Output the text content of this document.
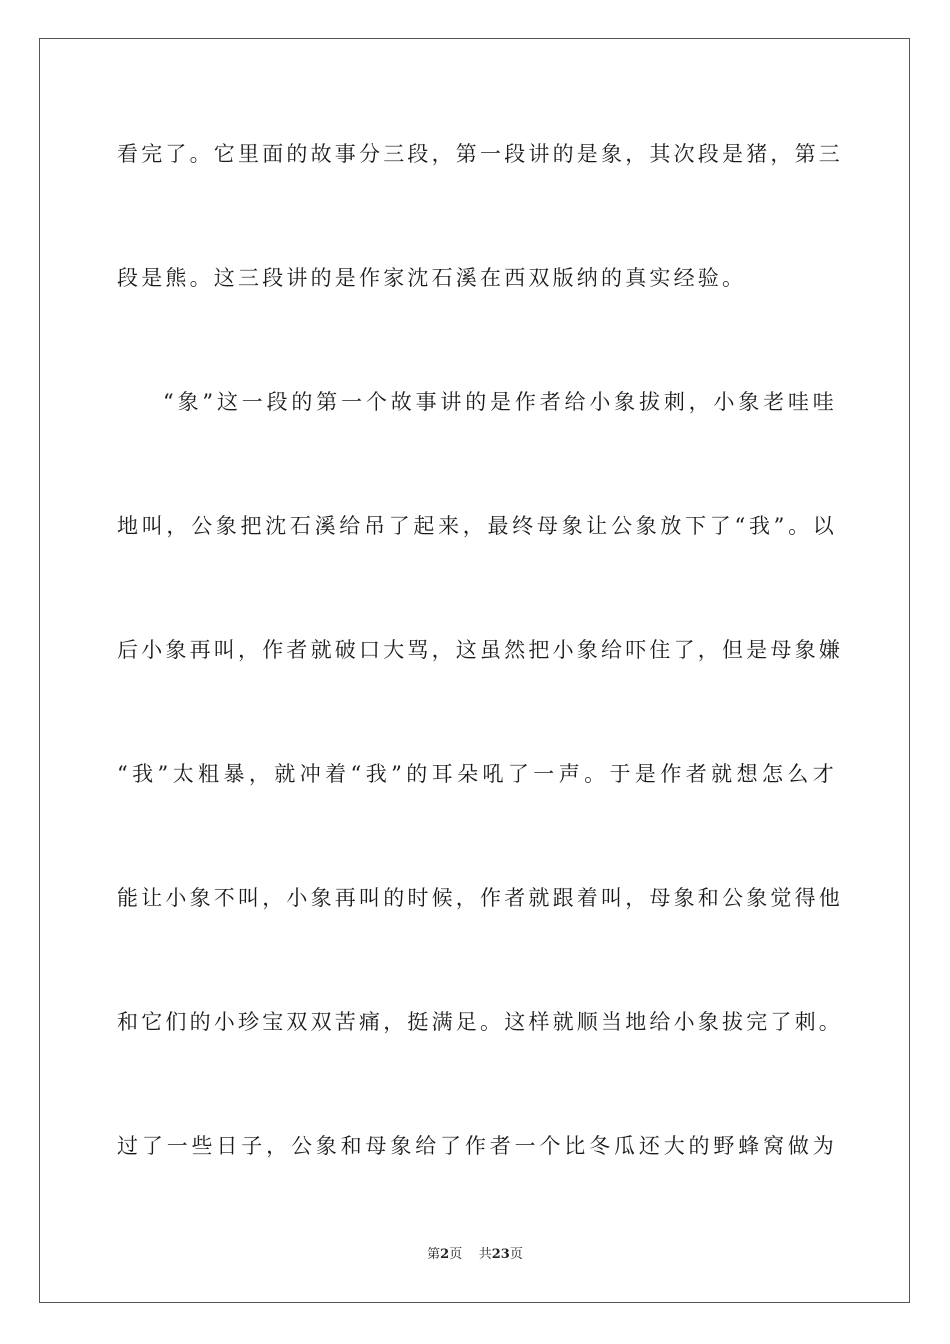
看完了。它里面的故事分三段，第一段讲的是象，其次段是猪，第三
段是熊。这三段讲的是作家沈石溪在西双版纳的真实经验。
“象”这一段的第一个故事讲的是作者给小象拔刺，小象老哇哇
地叫，公象把沈石溪给吊了起来，最终母象让公象放下了“我”。以
后小象再叫，作者就破口大骂，这虽然把小象给吓住了，但是母象嫌
“我”太粗暴，就冲着“我”的耳朵吼了一声。于是作者就想怎么才
能让小象不叫，小象再叫的时候，作者就跟着叫，母象和公象觉得他
和它们的小珍宝双双苦痛，挺满足。这样就顺当地给小象拔完了刺。
过了一些日子，公象和母象给了作者一个比冬瓜还大的野蜂窝做为
第2页 共23页
